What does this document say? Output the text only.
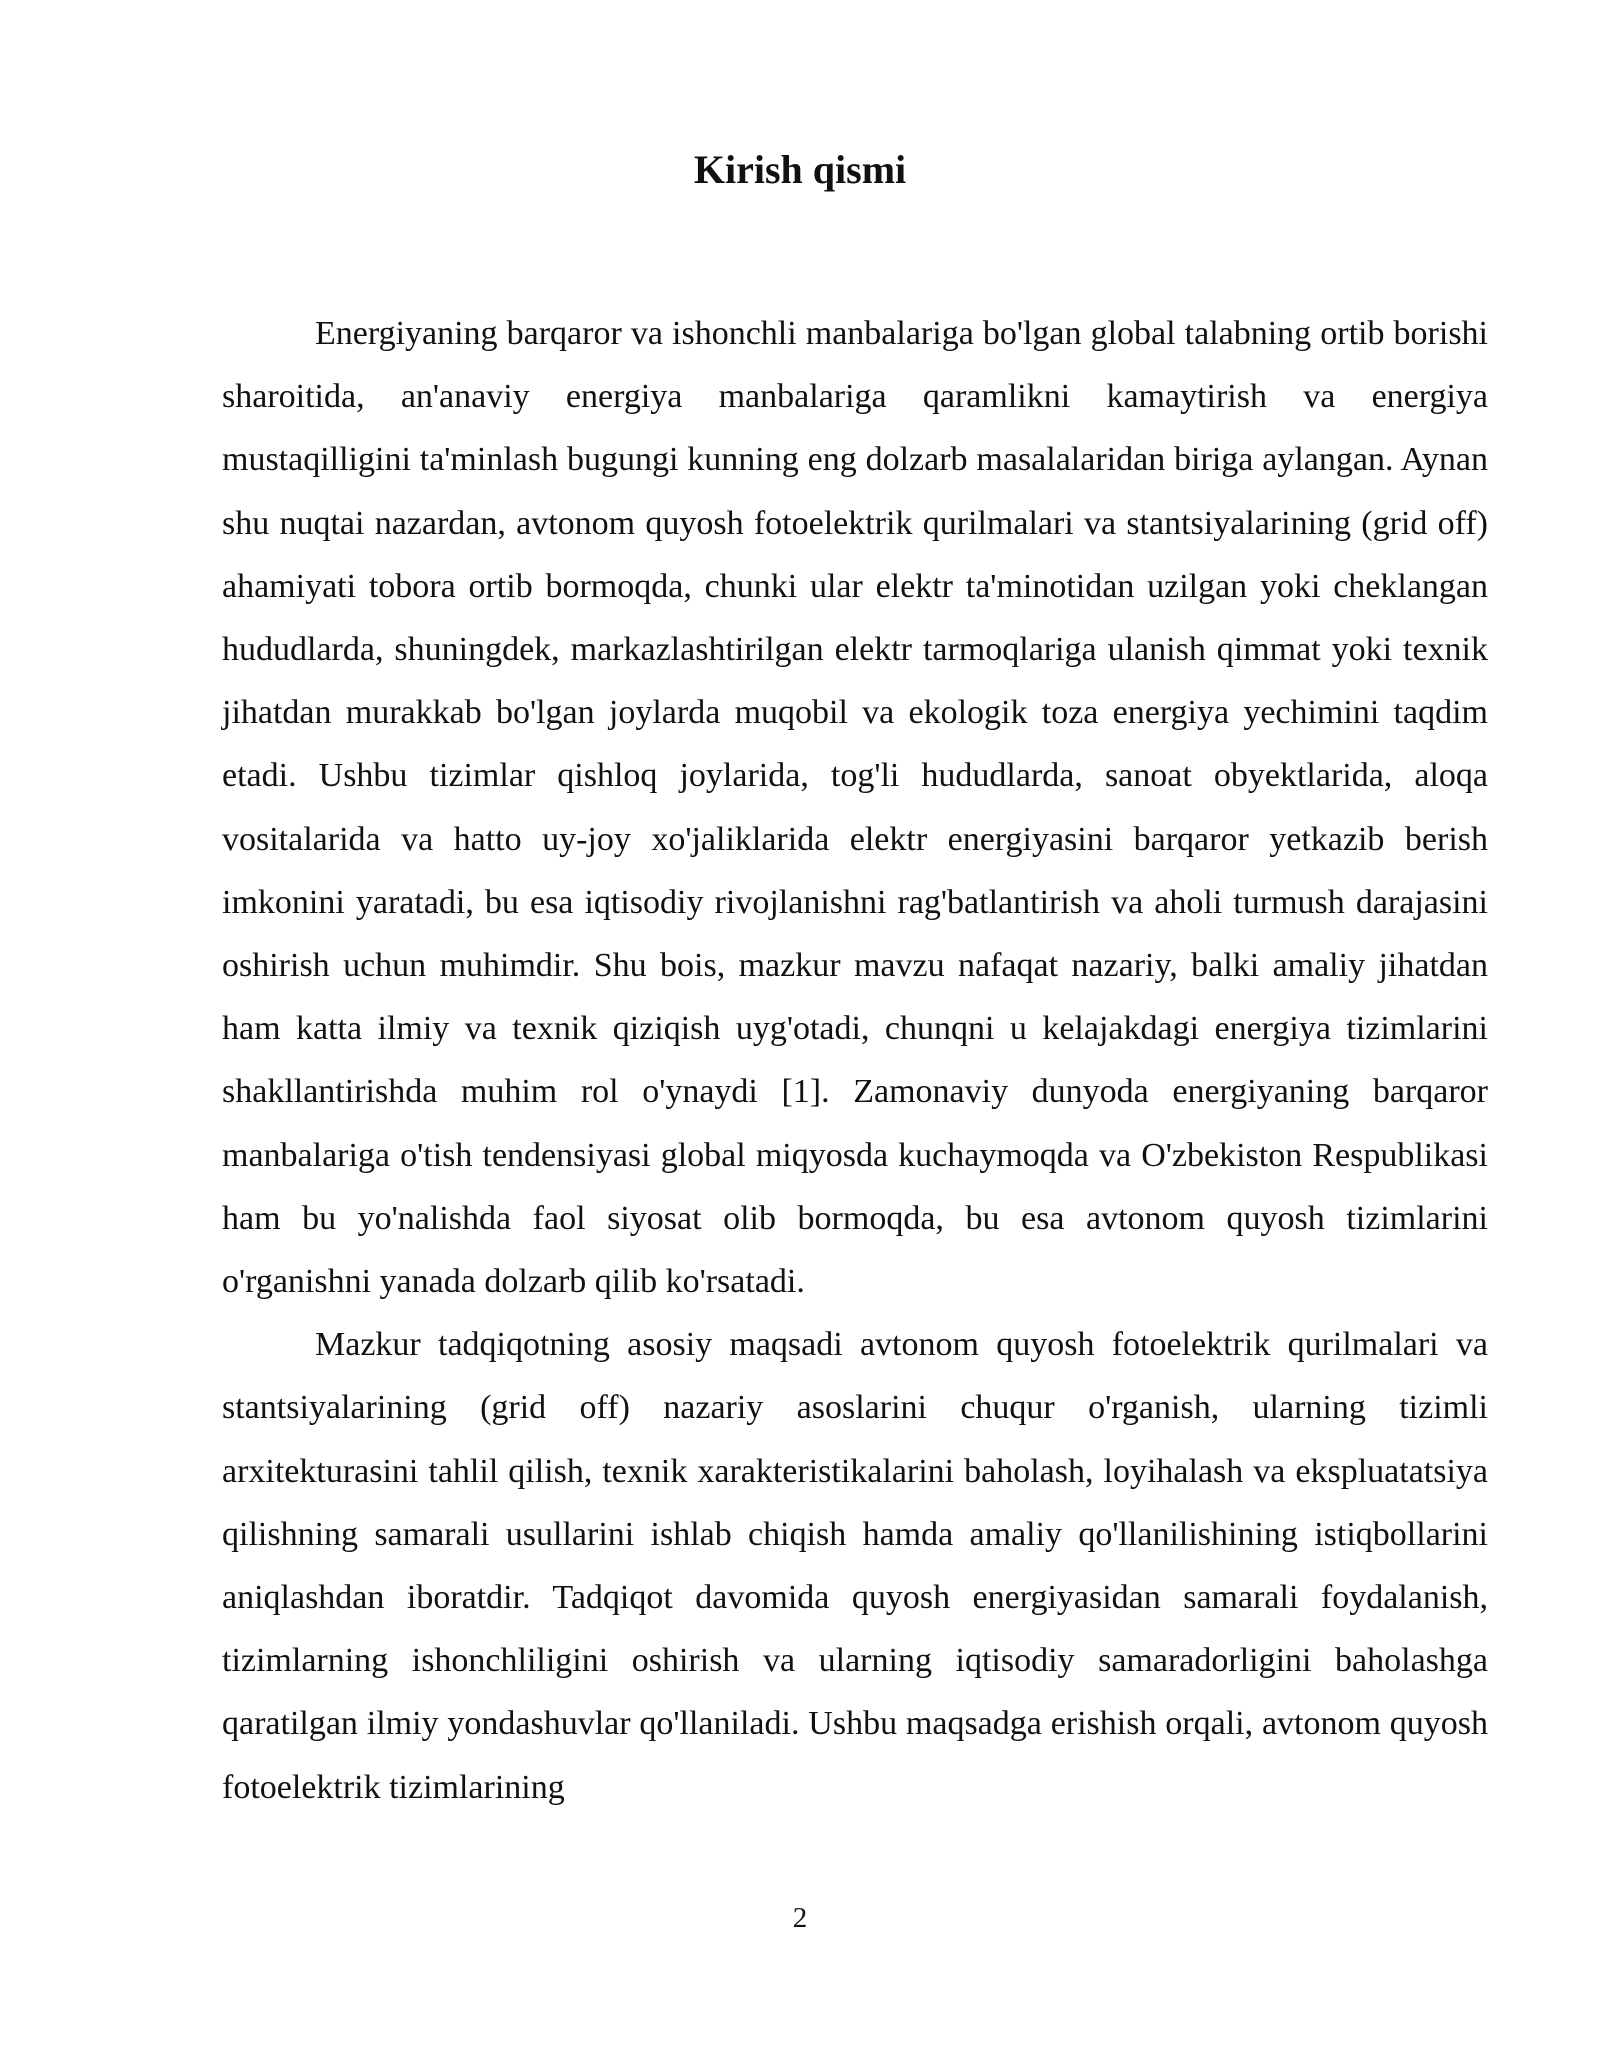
Kirish qismi

Energiyaning barqaror va ishonchli manbalariga bo'lgan global talabning ortib borishi sharoitida, an'anaviy energiya manbalariga qaramlikni kamaytirish va energiya mustaqilligini ta'minlash bugungi kunning eng dolzarb masalalaridan biriga aylangan. Aynan shu nuqtai nazardan, avtonom quyosh fotoelektrik qurilmalari va stantsiyalarining (grid off) ahamiyati tobora ortib bormoqda, chunki ular elektr ta'minotidan uzilgan yoki cheklangan hududlarda, shuningdek, markazlashtirilgan elektr tarmoqlariga ulanish qimmat yoki texnik jihatdan murakkab bo'lgan joylarda muqobil va ekologik toza energiya yechimini taqdim etadi. Ushbu tizimlar qishloq joylarida, tog'li hududlarda, sanoat obyektlarida, aloqa vositalarida va hatto uy-joy xo'jaliklarida elektr energiyasini barqaror yetkazib berish imkonini yaratadi, bu esa iqtisodiy rivojlanishni rag'batlantirish va aholi turmush darajasini oshirish uchun muhimdir. Shu bois, mazkur mavzu nafaqat nazariy, balki amaliy jihatdan ham katta ilmiy va texnik qiziqish uyg'otadi, chunqni u kelajakdagi energiya tizimlarini shakllantirishda muhim rol o'ynaydi [1]. Zamonaviy dunyoda energiyaning barqaror manbalariga o'tish tendensiyasi global miqyosda kuchaymoqda va O'zbekiston Respublikasi ham bu yo'nalishda faol siyosat olib bormoqda, bu esa avtonom quyosh tizimlarini o'rganishni yanada dolzarb qilib ko'rsatadi.

Mazkur tadqiqotning asosiy maqsadi avtonom quyosh fotoelektrik qurilmalari va stantsiyalarining (grid off) nazariy asoslarini chuqur o'rganish, ularning tizimli arxitekturasini tahlil qilish, texnik xarakteristikalarini baholash, loyihalash va ekspluatatsiya qilishning samarali usullarini ishlab chiqish hamda amaliy qo'llanilishining istiqbollarini aniqlashdan iboratdir. Tadqiqot davomida quyosh energiyasidan samarali foydalanish, tizimlarning ishonchliligini oshirish va ularning iqtisodiy samaradorligini baholashga qaratilgan ilmiy yondashuvlar qo'llaniladi. Ushbu maqsadga erishish orqali, avtonom quyosh fotoelektrik tizimlarining

2
